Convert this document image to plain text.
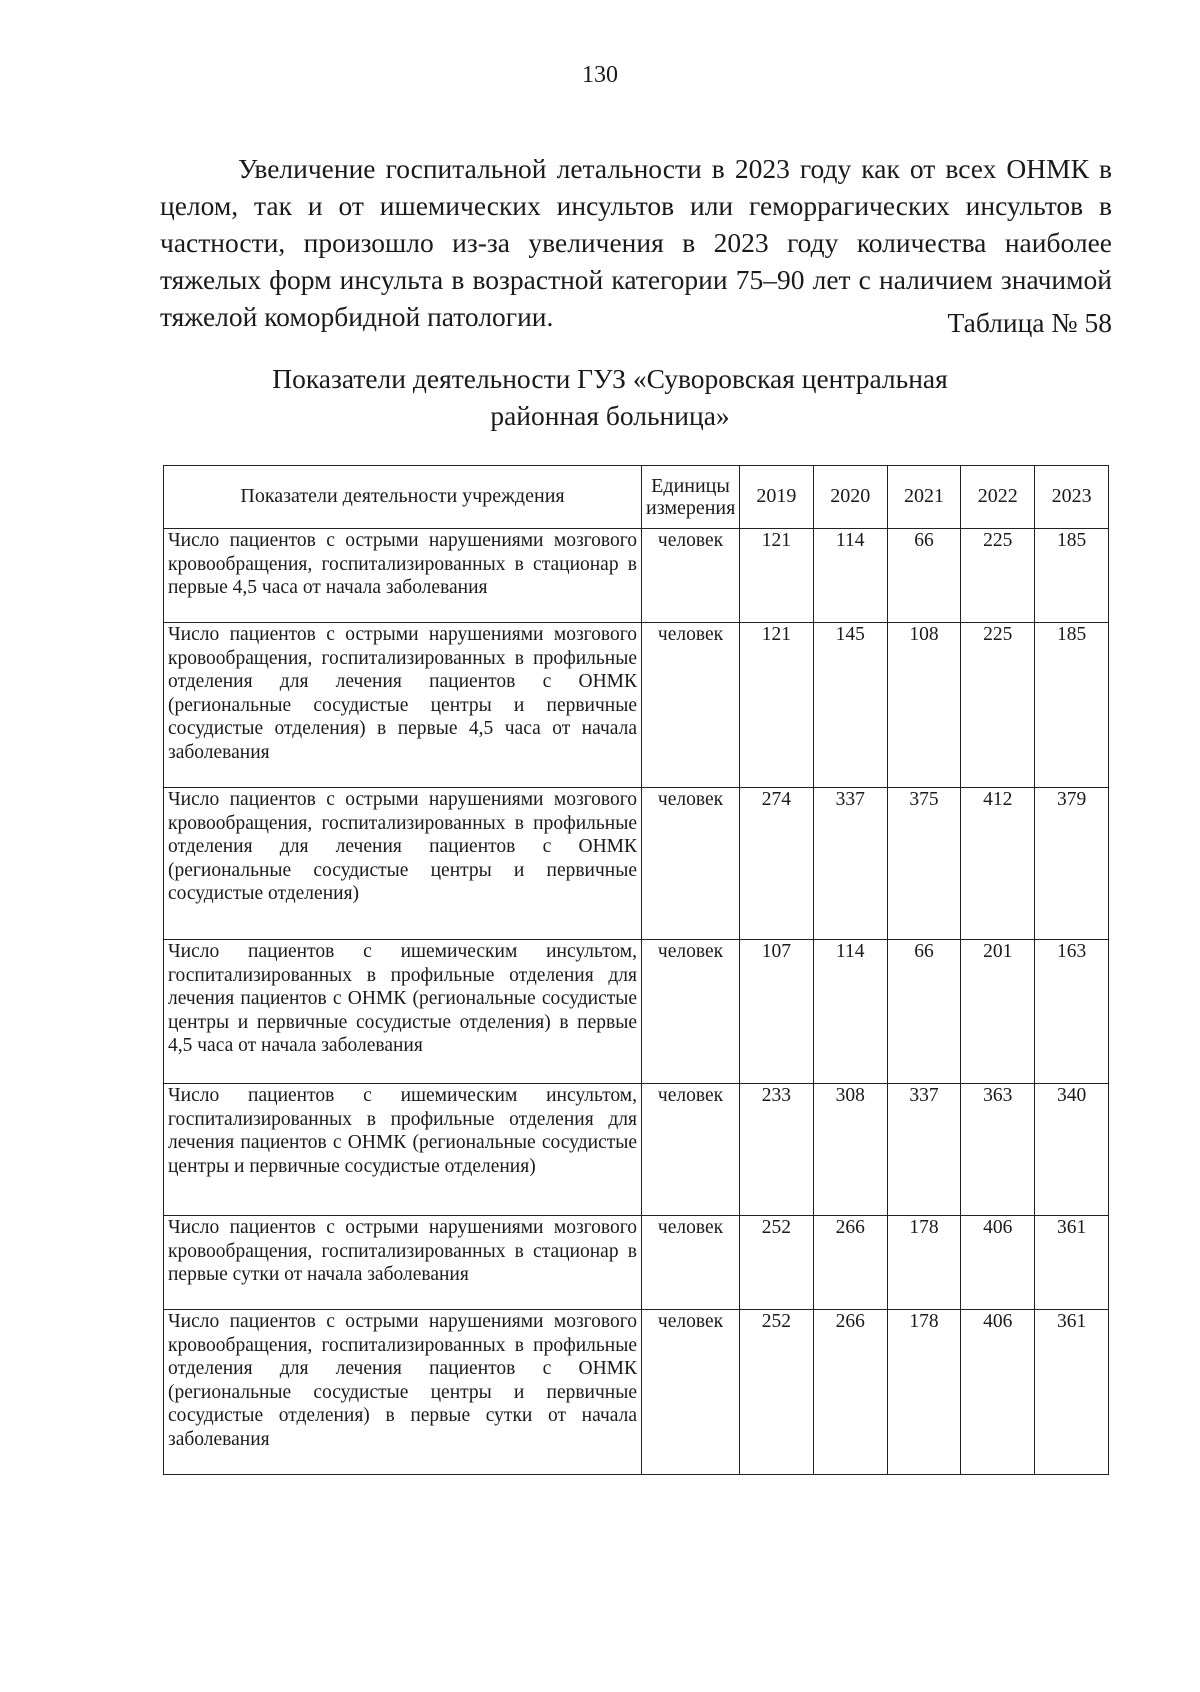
130

Увеличение госпитальной летальности в 2023 году как от всех ОНМК в целом, так и от ишемических инсультов или геморрагических инсультов в частности, произошло из-за увеличения в 2023 году количества наиболее тяжелых форм инсульта в возрастной категории 75–90 лет с наличием значимой тяжелой коморбидной патологии.	Таблица № 58
Показатели деятельности ГУЗ «Суворовская центральная районная больница»
Показатели деятельности учреждения	Единицы измерения	2019	2020	2021	2022	2023
Число пациентов с острыми нарушениями мозгового кровообращения, госпитализированных в стационар в первые 4,5 часа от начала заболевания	человек	121	114	66	225	185
Число пациентов с острыми нарушениями мозгового кровообращения, госпитализированных в профильные отделения для лечения пациентов с ОНМК (региональные сосудистые центры и первичные сосудистые отделения) в первые 4,5 часа от начала заболевания	человек	121	145	108	225	185
Число пациентов с острыми нарушениями мозгового кровообращения, госпитализированных в профильные отделения для лечения пациентов с ОНМК (региональные сосудистые центры и первичные сосудистые отделения)	человек	274	337	375	412	379
Число пациентов с ишемическим инсультом, госпитализированных в профильные отделения для лечения пациентов с ОНМК (региональные сосудистые центры и первичные сосудистые отделения) в первые 4,5 часа от начала заболевания	человек	107	114	66	201	163
Число пациентов с ишемическим инсультом, госпитализированных в профильные отделения для лечения пациентов с ОНМК (региональные сосудистые центры и первичные сосудистые отделения)	человек	233	308	337	363	340
Число пациентов с острыми нарушениями мозгового кровообращения, госпитализированных в стационар в первые сутки от начала заболевания	человек	252	266	178	406	361
Число пациентов с острыми нарушениями мозгового кровообращения, госпитализированных в профильные отделения для лечения пациентов с ОНМК (региональные сосудистые центры и первичные сосудистые отделения) в первые сутки от начала заболевания	человек	252	266	178	406	361
